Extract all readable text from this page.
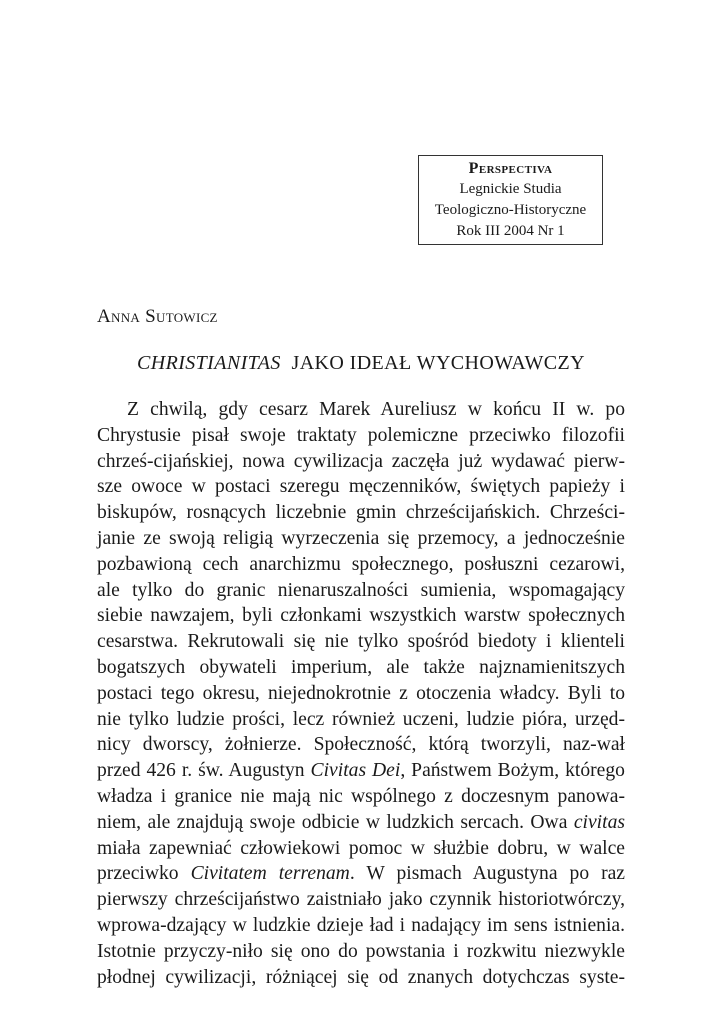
Perspectiva
Legnickie Studia
Teologiczno-Historyczne
Rok III 2004 Nr 1
Anna Sutowicz
CHRISTIANITAS JAKO IDEAŁ WYCHOWAWCZY
Z chwilą, gdy cesarz Marek Aureliusz w końcu II w. po
Chrystusie pisał swoje traktaty polemiczne przeciwko filozofii
chrześ-cijańskiej, nowa cywilizacja zaczęła już wydawać pierw-
sze owoce w postaci szeregu męczenników, świętych papieży i
biskupów, rosnących liczebnie gmin chrześcijańskich. Chrześci-
janie ze swoją religią wyrzeczenia się przemocy, a jednocześnie
pozbawioną cech anarchizmu społecznego, posłuszni cezarowi,
ale tylko do granic nienaruszalności sumienia, wspomagający
siebie nawzajem, byli członkami wszystkich warstw społecznych
cesarstwa. Rekrutowali się nie tylko spośród biedoty i klienteli
bogatszych obywateli imperium, ale także najznamienitszych
postaci tego okresu, niejednokrotnie z otoczenia władcy. Byli to
nie tylko ludzie prości, lecz również uczeni, ludzie pióra, urzęd-
nicy dworscy, żołnierze. Społeczność, którą tworzyli, naz-wał
przed 426 r. św. Augustyn Civitas Dei, Państwem Bożym, którego
władza i granice nie mają nic wspólnego z doczesnym panowa-
niem, ale znajdują swoje odbicie w ludzkich sercach. Owa civitas
miała zapewniać człowiekowi pomoc w służbie dobru, w walce
przeciwko Civitatem terrenam. W pismach Augustyna po raz
pierwszy chrześcijaństwo zaistniało jako czynnik historiotwórczy,
wprowa-dzający w ludzkie dzieje ład i nadający im sens istnienia.
Istotnie przyczy-niło się ono do powstania i rozkwitu niezwykle
płodnej cywilizacji, różniącej się od znanych dotychczas syste-
